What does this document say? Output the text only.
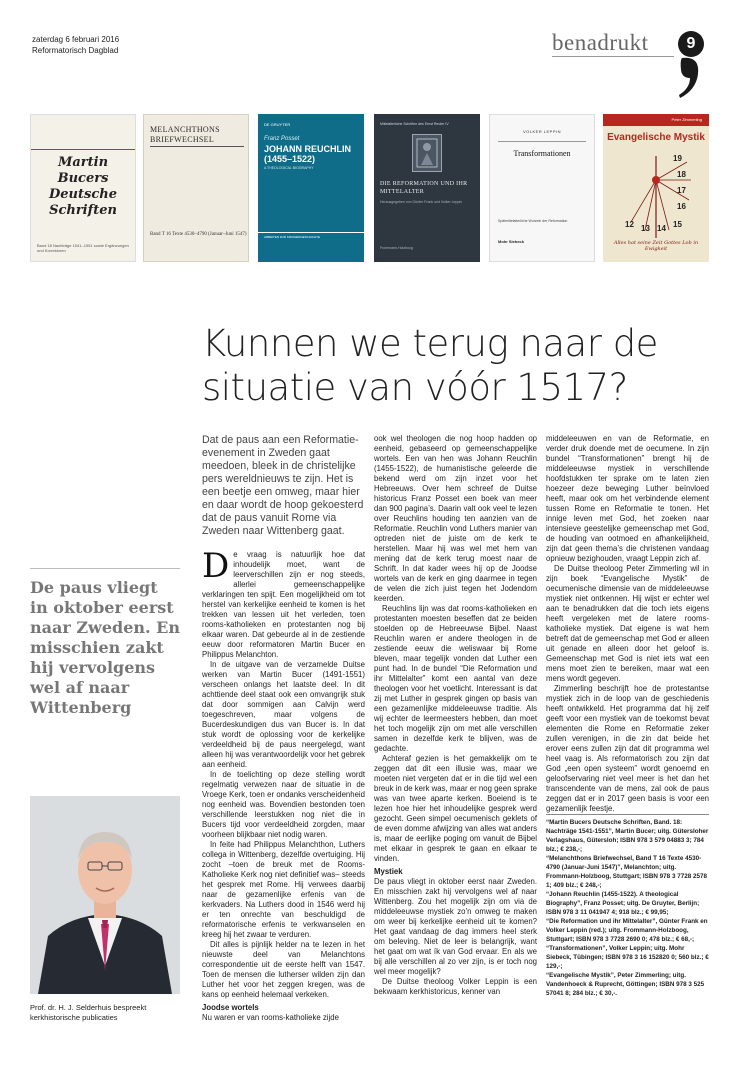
zaterdag 6 februari 2016
Reformatorisch Dagblad	benadrukt	9
Martin Bucers Deutsche Schriften
Band 18 Nachträge 1541–1551 sowie Ergänzungen und Korrekturen
MELANCHTHONS BRIEFWECHSEL
Band T 16 Texte 4530–4790 (Januar–Juni 1547)
DE GRUYTER
Franz Posset
JOHANN REUCHLIN (1455–1522)
A THEOLOGICAL BIOGRAPHY
ARBEITEN ZUR KIRCHENGESCHICHTE
Mittelalterliche Schriften des Ernst Reuter IV
DIE REFORMATION UND IHR MITTELALTER
Herausgegeben von Günter Frank und Volker Leppin
Frommann-Holzboog
VOLKER LEPPIN
Transformationen
Spätmittelalterliche Wurzeln der Reformation
Mohr Siebeck
Peter Zimmerling
Evangelische Mystik
19
18
17
16
12 13 14 15
Alles hat seine Zeit Gottes Lob in Ewigkeit
Kunnen we terug naar de situatie van vóór 1517?
De paus vliegt in oktober eerst naar Zweden. En misschien zakt hij vervolgens wel af naar Wittenberg
Prof. dr. H. J. Selderhuis bespreekt kerkhistorische publicaties
Dat de paus aan een Reformatie-evenement in Zweden gaat meedoen, bleek in de christelijke pers wereldnieuws te zijn. Het is een beetje een omweg, maar hier en daar wordt de hoop gekoesterd dat de paus vanuit Rome via Zweden naar Wittenberg gaat.
De vraag is natuurlijk hoe dat inhoudelijk moet, want de leerverschillen zijn er nog steeds, allerlei gemeenschappelijke verklaringen ten spijt. Een mogelijkheid om tot herstel van kerkelijke eenheid te komen is het trekken van lessen uit het verleden, toen rooms-katholieken en protestanten nog bij elkaar waren. Dat gebeurde al in de zestiende eeuw door reformatoren Martin Bucer en Philippus Melanchton.
In de uitgave van de verzamelde Duitse werken van Martin Bucer (1491-1551) verscheen onlangs het laatste deel. In dit achttiende deel staat ook een omvangrijk stuk dat door sommigen aan Calvijn werd toegeschreven, maar volgens de Bucerdeskundigen dus van Bucer is. In dat stuk wordt de oplossing voor de kerkelijke verdeeldheid bij de paus neergelegd, want alleen hij was verantwoordelijk voor het gebrek aan eenheid.
In de toelichting op deze stelling wordt regelmatig verwezen naar de situatie in de Vroege Kerk, toen er ondanks verscheidenheid nog eenheid was. Bovendien bestonden toen verschillende leerstukken nog niet die in Bucers tijd voor verdeeldheid zorgden, maar voorheen blijkbaar niet nodig waren.
In feite had Philippus Melanchthon, Luthers collega in Wittenberg, dezelfde overtuiging. Hij zocht –toen de breuk met de Rooms-Katholieke Kerk nog niet definitief was– steeds het gesprek met Rome. Hij verwees daarbij naar de gezamenlijke erfenis van de kerkvaders. Na Luthers dood in 1546 werd hij er ten onrechte van beschuldigd de reformatorische erfenis te verkwanselen en kreeg hij het zwaar te verduren.
Dit alles is pijnlijk helder na te lezen in het nieuwste deel van Melanchtons correspondentie uit de eerste helft van 1547. Toen de mensen die lutherser wilden zijn dan Luther het voor het zeggen kregen, was de kans op eenheid helemaal verkeken.
Joodse wortels
Nu waren er van rooms-katholieke zijde
ook wel theologen die nog hoop hadden op eenheid, gebaseerd op gemeenschappelijke wortels. Een van hen was Johann Reuchlin (1455-1522), de humanistische geleerde die bekend werd om zijn inzet voor het Hebreeuws. Over hem schreef de Duitse historicus Franz Posset een boek van meer dan 900 pagina’s. Daarin valt ook veel te lezen over Reuchlins houding ten aanzien van de Reformatie. Reuchlin vond Luthers manier van optreden niet de juiste om de kerk te herstellen. Maar hij was wel met hem van mening dat de kerk terug moest naar de Schrift. In dat kader wees hij op de Joodse wortels van de kerk en ging daarmee in tegen de velen die zich juist tegen het Jodendom keerden.
Reuchlins lijn was dat rooms-katholieken en protestanten moesten beseffen dat ze beiden stoelden op de Hebreeuwse Bijbel. Naast Reuchlin waren er andere theologen in de zestiende eeuw die weliswaar bij Rome bleven, maar tegelijk vonden dat Luther een punt had. In de bundel “Die Reformation und ihr Mittelalter” komt een aantal van deze theologen voor het voetlicht. Interessant is dat zij met Luther in gesprek gingen op basis van een gezamenlijke middeleeuwse traditie. Als wij echter de leermeesters hebben, dan moet het toch mogelijk zijn om met alle verschillen samen in dezelfde kerk te blijven, was de gedachte.
Achteraf gezien is het gemakkelijk om te zeggen dat dit een illusie was, maar we moeten niet vergeten dat er in die tijd wel een breuk in de kerk was, maar er nog geen sprake was van twee aparte kerken. Boeiend is te lezen hoe hier het inhoudelijke gesprek werd gezocht. Geen simpel oecumenisch geklets of de even domme afwijzing van alles wat anders is, maar de eerlijke poging om vanuit de Bijbel met elkaar in gesprek te gaan en elkaar te vinden.
Mystiek
De paus vliegt in oktober eerst naar Zweden. En misschien zakt hij vervolgens wel af naar Wittenberg. Zou het mogelijk zijn om via de middeleeuwse mystiek zo’n omweg te maken om weer bij kerkelijke eenheid uit te komen? Het gaat vandaag de dag immers heel sterk om beleving. Niet de leer is belangrijk, want het gaat om wat ík van God ervaar. En als we bij alle verschillen al zo ver zijn, is er toch nog wel meer mogelijk?
De Duitse theoloog Volker Leppin is een bekwaam kerkhistoricus, kenner van
middeleeuwen en van de Reformatie, en verder druk doende met de oecumene. In zijn bundel “Transformationen” brengt hij de middeleeuwse mystiek in verschillende hoofdstukken ter sprake om te laten zien hoezeer deze beweging Luther beïnvloed heeft, maar ook om het verbindende element tussen Rome en Reformatie te tonen. Het innige leven met God, het zoeken naar intensieve geestelijke gemeenschap met God, de houding van ootmoed en afhankelijkheid, zijn dat geen thema’s die christenen vandaag opnieuw bezighouden, vraagt Leppin zich af.
De Duitse theoloog Peter Zimmerling wil in zijn boek “Evangelische Mystik” de oecumenische dimensie van de middeleeuwse mystiek niet ontkennen. Hij wijst er echter wel aan te benadrukken dat die toch iets eigens heeft vergeleken met de latere rooms-katholieke mystiek. Dat eigene is wat hem betreft dat de gemeenschap met God er alleen uit genade en alleen door het geloof is. Gemeenschap met God is niet iets wat een mens moet zien te bereiken, maar wat een mens wordt gegeven.
Zimmerling beschrijft hoe de protestantse mystiek zich in de loop van de geschiedenis heeft ontwikkeld. Het programma dat hij zelf geeft voor een mystiek van de toekomst bevat elementen die Rome en Reformatie zeker zullen verenigen, in die zin dat beide het erover eens zullen zijn dat dit programma wel heel vaag is. Als reformatorisch zou zijn dat God „een open systeem” wordt genoemd en geloofservaring niet veel meer is het dan het transcendente van de mens, zal ook de paus zeggen dat er in 2017 geen basis is voor een gezamenlijk feestje.
“Martin Bucers Deutsche Schriften, Band. 18: Nachträge 1541-1551”, Martin Bucer; uitg. Gütersloher Verlagshaus, Gütersloh; ISBN 978 3 579 04883 3; 784 blz.; € 238,-;
“Melanchthons Briefwechsel, Band T 16 Texte 4530-4790 (Januar-Juni 1547)”, Melanchton; uitg. Frommann-Holzboog, Stuttgart; ISBN 978 3 7728 2578 1; 409 blz.; € 248,-;
“Johann Reuchlin (1455-1522). A theological Biography”, Franz Posset; uitg. De Gruyter, Berlijn; ISBN 978 3 11 041947 4; 918 blz.; € 99,95;
“Die Reformation und ihr Mittelalter”, Günter Frank en Volker Leppin (red.); uitg. Frommann-Holzboog, Stuttgart; ISBN 978 3 7728 2690 0; 478 blz.; € 68,-;
“Transformationen”, Volker Leppin; uitg. Mohr Siebeck, Tübingen; ISBN 978 3 16 152820 0; 560 blz.; € 129,-;
“Evangelische Mystik”, Peter Zimmerling; uitg. Vandenhoeck & Ruprecht, Göttingen; ISBN 978 3 525 57041 8; 284 blz.; € 30,-.
